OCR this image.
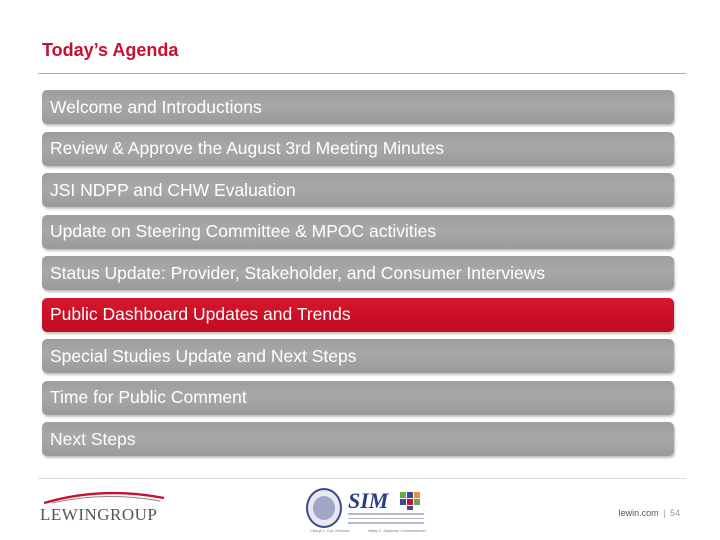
Today’s Agenda
Welcome and Introductions
Review & Approve the August 3rd Meeting Minutes
JSI NDPP and CHW Evaluation
Update on Steering Committee & MPOC activities
Status Update: Provider, Stakeholder, and Consumer Interviews
Public Dashboard Updates and Trends
Special Studies Update and Next Steps
Time for Public Comment
Next Steps
LEWINGROUP
SIM
Cheryl L. Cyr, Director	Mary C. Mayhew, Commissioner
lewin.com | 54
